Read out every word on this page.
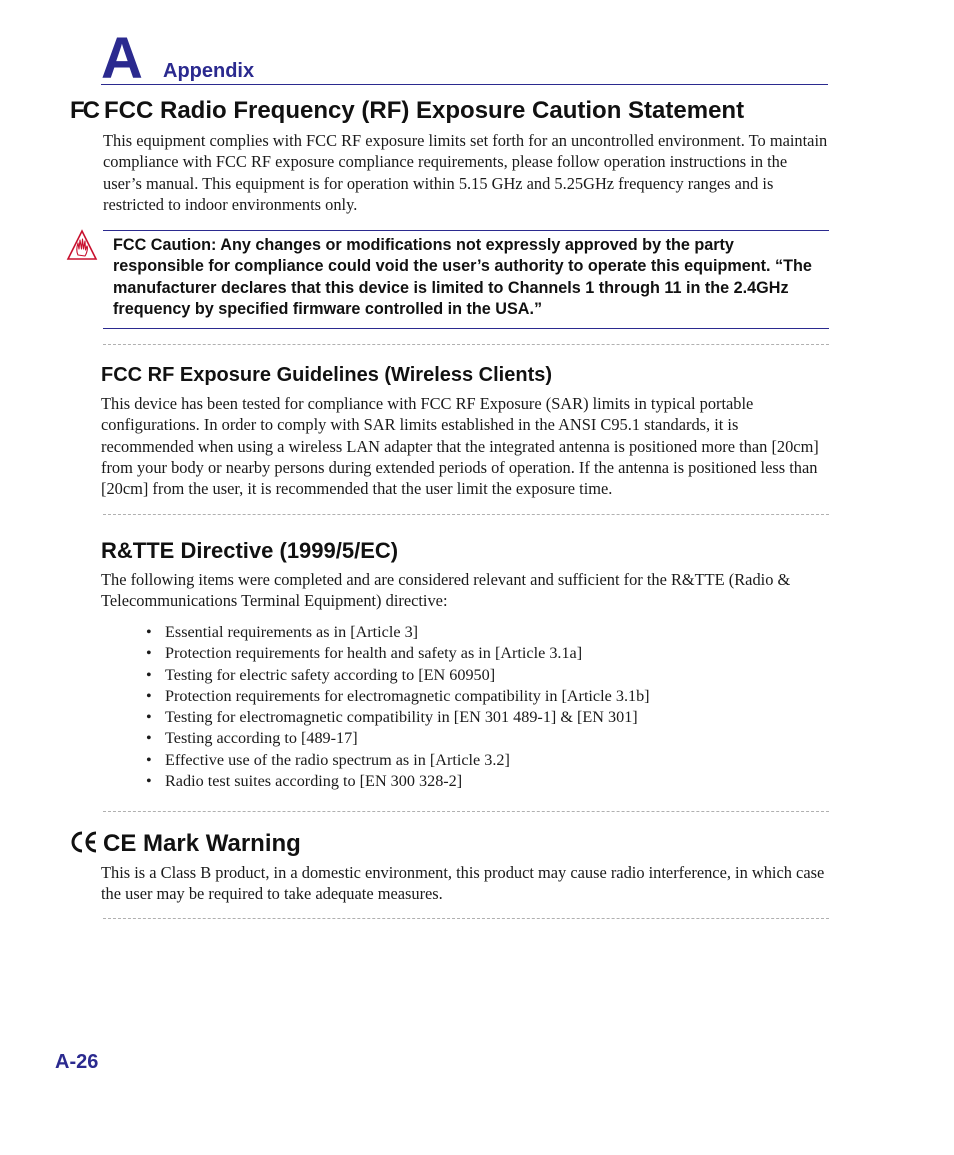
A Appendix
FC FCC Radio Frequency (RF) Exposure Caution Statement

This equipment complies with FCC RF exposure limits set forth for an uncontrolled environment. To maintain compliance with FCC RF exposure compliance requirements, please follow operation instructions in the user’s manual. This equipment is for operation within 5.15 GHz and 5.25GHz frequency ranges and is restricted to indoor environments only.

FCC Caution: Any changes or modifications not expressly approved by the party responsible for compliance could void the user’s authority to operate this equipment. “The manufacturer declares that this device is limited to Channels 1 through 11 in the 2.4GHz frequency by specified firmware controlled in the USA.”

FCC RF Exposure Guidelines (Wireless Clients)

This device has been tested for compliance with FCC RF Exposure (SAR) limits in typical portable configurations. In order to comply with SAR limits established in the ANSI C95.1 standards, it is recommended when using a wireless LAN adapter that the integrated antenna is positioned more than [20cm] from your body or nearby persons during extended periods of operation. If the antenna is positioned less than [20cm] from the user, it is recommended that the user limit the exposure time.

R&TTE Directive (1999/5/EC)

The following items were completed and are considered relevant and sufficient for the R&TTE (Radio & Telecommunications Terminal Equipment) directive:

• Essential requirements as in [Article 3]
• Protection requirements for health and safety as in [Article 3.1a]
• Testing for electric safety according to [EN 60950]
• Protection requirements for electromagnetic compatibility in [Article 3.1b]
• Testing for electromagnetic compatibility in [EN 301 489-1] & [EN 301]
• Testing according to [489-17]
• Effective use of the radio spectrum as in [Article 3.2]
• Radio test suites according to [EN 300 328-2]
CE Mark Warning

This is a Class B product, in a domestic environment, this product may cause radio interference, in which case the user may be required to take adequate measures.

A-26
